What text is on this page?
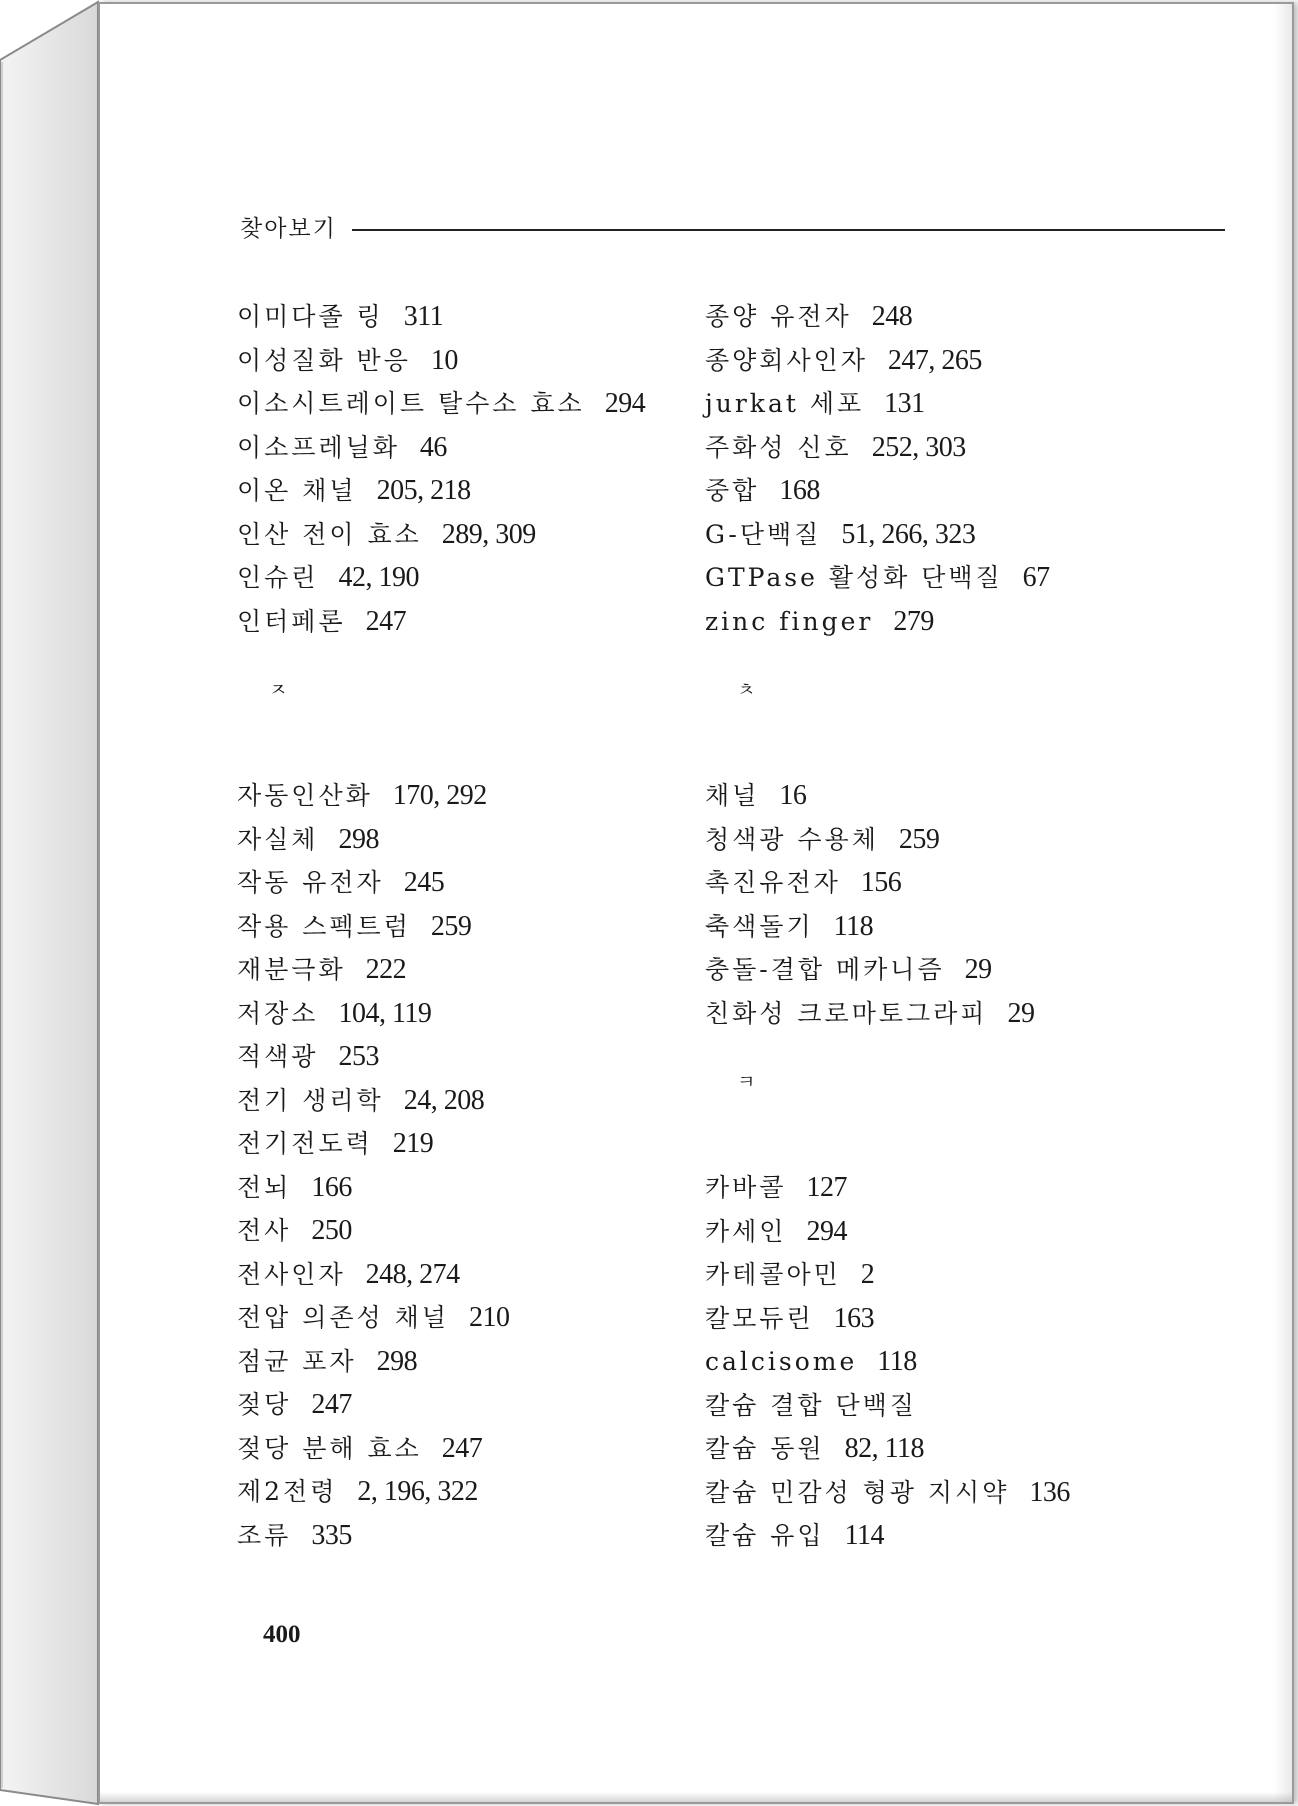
찾아보기
이미다졸 링 311
이성질화 반응 10
이소시트레이트 탈수소 효소 294
이소프레닐화 46
이온 채널 205, 218
인산 전이 효소 289, 309
인슈린 42, 190
인터페론 247
ㅈ
자동인산화 170, 292
자실체 298
작동 유전자 245
작용 스펙트럼 259
재분극화 222
저장소 104, 119
적색광 253
전기 생리학 24, 208
전기전도력 219
전뇌 166
전사 250
전사인자 248, 274
전압 의존성 채널 210
점균 포자 298
젖당 247
젖당 분해 효소 247
제2전령 2, 196, 322
조류 335
종양 유전자 248
종양회사인자 247, 265
jurkat 세포 131
주화성 신호 252, 303
중합 168
G-단백질 51, 266, 323
GTPase 활성화 단백질 67
zinc finger 279
ㅊ
채널 16
청색광 수용체 259
촉진유전자 156
축색돌기 118
충돌-결합 메카니즘 29
친화성 크로마토그라피 29
ㅋ
카바콜 127
카세인 294
카테콜아민 2
칼모듀린 163
calcisome 118
칼슘 결합 단백질
칼슘 동원 82, 118
칼슘 민감성 형광 지시약 136
칼슘 유입 114
400
